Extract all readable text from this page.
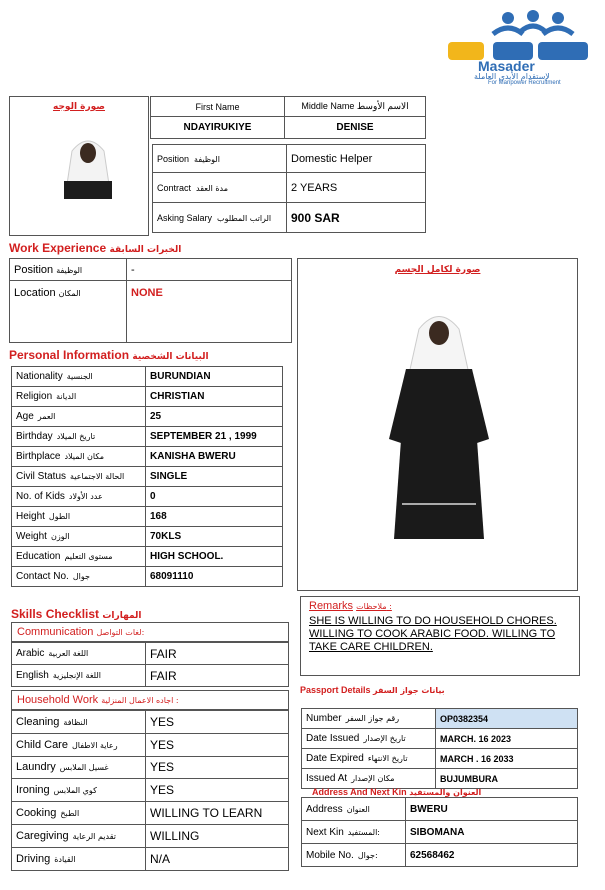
Masader
لإستقدام الأيدي العاملة
For Manpower Recruitment
صورة الوجه	First Name	Middle Name الاسم الأوسط
NDAYIRUKIYE	DENISE
Position الوظيفة	Domestic Helper
Contract مدة العقد	2 YEARS
Asking Salary الراتب المطلوب	900 SAR
Work Experience الخبرات السابقة
Position الوظيفة	-
Location المكان	NONE
Personal Information البيانات الشخصية
Nationality الجنسية	BURUNDIAN
Religion الديانة	CHRISTIAN
Age العمر	25
Birthday تاريخ الميلاد	SEPTEMBER 21 , 1999
Birthplace مكان الميلاد	KANISHA BWERU
Civil Status الحالة الاجتماعية	SINGLE
No. of Kids عدد الأولاد	0
Height الطول	168
Weight الوزن	70KLS
Education مستوى التعليم	HIGH SCHOOL.
Contact No. جوال	68091110
صورة لكامل الجسم
Skills Checklist المهارات
Communication لغات التواصل:
Arabic اللغة العربية	FAIR
English اللغة الإنجليزية	FAIR
Household Work اجاده الاعمال المنزلية :
Cleaning النظافة	YES
Child Care رعاية الاطفال	YES
Laundry غسيل الملابس	YES
Ironing كوي الملابس	YES
Cooking الطبخ	WILLING TO LEARN
Caregiving تقديم الرعاية	WILLING
Driving القيادة	N/A
Remarks ملاحظات :
SHE IS WILLING TO DO HOUSEHOLD CHORES. WILLING TO COOK ARABIC FOOD. WILLING TO TAKE CARE CHILDREN.
Passport Details بيانات جواز السفر
Number رقم جواز السفر	OP0382354
Date Issued تاريخ الإصدار	MARCH. 16 2023
Date Expired تاريخ الانتهاء	MARCH . 16 2033
Issued At مكان الإصدار	BUJUMBURA
Address And Next Kin العنوان والمستفيد
Address العنوان	BWERU
Next Kin المستفيد:	SIBOMANA
Mobile No. جوال:	62568462
